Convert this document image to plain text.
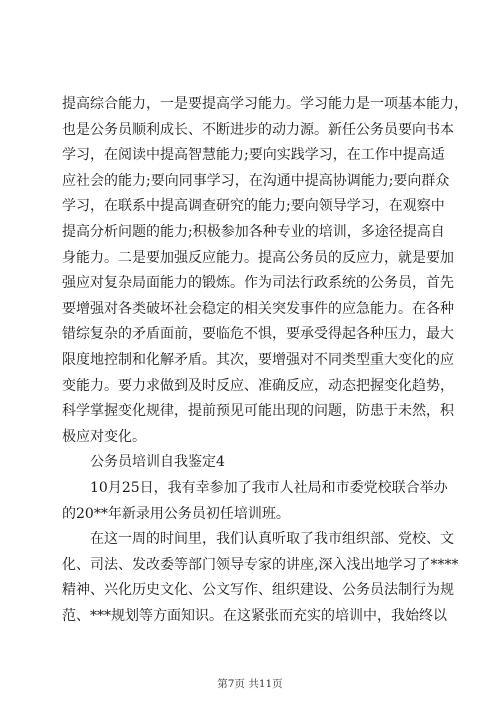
提高综合能力，一是要提高学习能力。学习能力是一项基本能力，
也是公务员顺利成长、不断进步的动力源。新任公务员要向书本
学习，在阅读中提高智慧能力;要向实践学习，在工作中提高适
应社会的能力;要向同事学习，在沟通中提高协调能力;要向群众
学习，在联系中提高调查研究的能力;要向领导学习，在观察中
提高分析问题的能力;积极参加各种专业的培训，多途径提高自
身能力。二是要加强反应能力。提高公务员的反应力，就是要加
强应对复杂局面能力的锻炼。作为司法行政系统的公务员，首先
要增强对各类破坏社会稳定的相关突发事件的应急能力。在各种
错综复杂的矛盾面前，要临危不惧，要承受得起各种压力，最大
限度地控制和化解矛盾。其次，要增强对不同类型重大变化的应
变能力。要力求做到及时反应、准确反应，动态把握变化趋势，
科学掌握变化规律，提前预见可能出现的问题，防患于未然，积
极应对变化。
公务员培训自我鉴定4
10月25日，我有幸参加了我市人社局和市委党校联合举办
的20**年新录用公务员初任培训班。
在这一周的时间里，我们认真听取了我市组织部、党校、文
化、司法、发改委等部门领导专家的讲座,深入浅出地学习了****
精神、兴化历史文化、公文写作、组织建设、公务员法制行为规
范、***规划等方面知识。在这紧张而充实的培训中，我始终以
第7页 共11页
